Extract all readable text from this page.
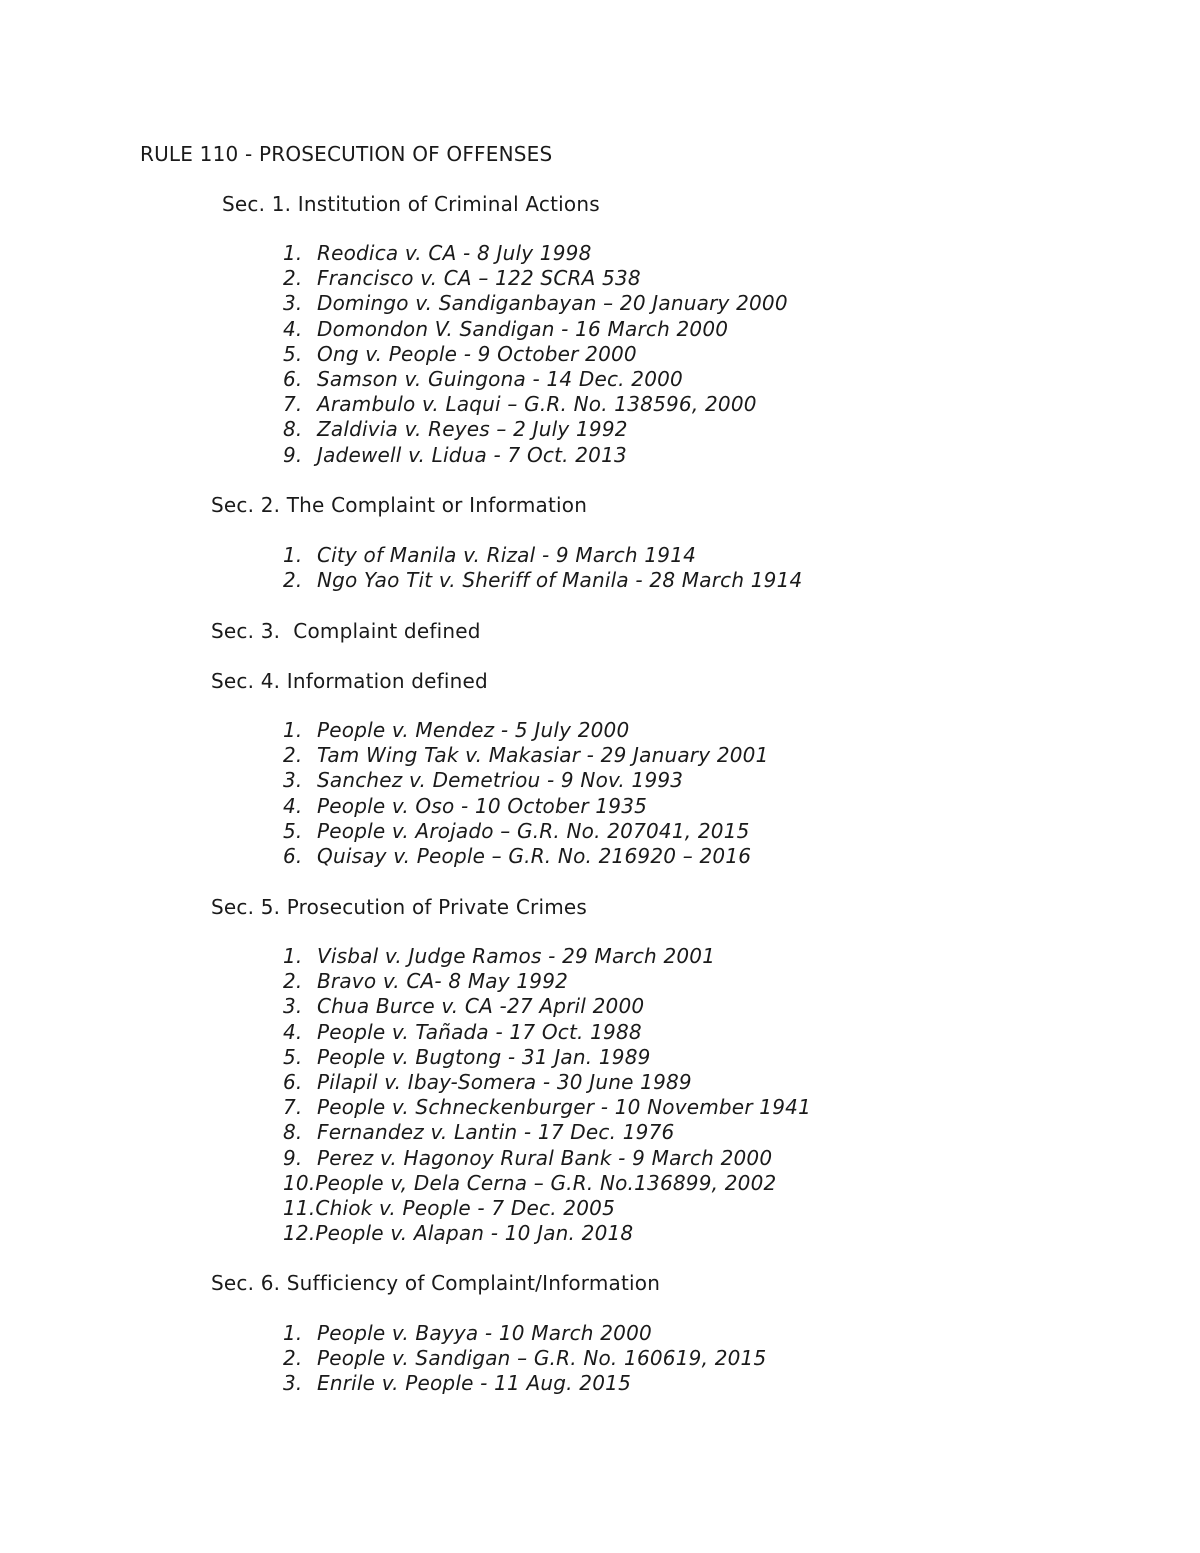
RULE 110 - PROSECUTION OF OFFENSES
Sec. 1. Institution of Criminal Actions
1. Reodica v. CA - 8 July 1998
2. Francisco v. CA – 122 SCRA 538
3. Domingo v. Sandiganbayan – 20 January 2000
4. Domondon V. Sandigan - 16 March 2000
5. Ong v. People - 9 October 2000
6. Samson v. Guingona - 14 Dec. 2000
7. Arambulo v. Laqui – G.R. No. 138596, 2000
8. Zaldivia v. Reyes – 2 July 1992
9. Jadewell v. Lidua - 7 Oct. 2013
Sec. 2. The Complaint or Information
1. City of Manila v. Rizal - 9 March 1914
2. Ngo Yao Tit v. Sheriff of Manila - 28 March 1914
Sec. 3.  Complaint defined
Sec. 4. Information defined
1. People v. Mendez - 5 July 2000
2. Tam Wing Tak v. Makasiar - 29 January 2001
3. Sanchez v. Demetriou - 9 Nov. 1993
4. People v. Oso - 10 October 1935
5. People v. Arojado – G.R. No. 207041, 2015
6. Quisay v. People – G.R. No. 216920 – 2016
Sec. 5. Prosecution of Private Crimes
1. Visbal v. Judge Ramos - 29 March 2001
2. Bravo v. CA- 8 May 1992
3. Chua Burce v. CA -27 April 2000
4. People v. Tañada - 17 Oct. 1988
5. People v. Bugtong - 31 Jan. 1989
6. Pilapil v. Ibay-Somera - 30 June 1989
7. People v. Schneckenburger - 10 November 1941
8. Fernandez v. Lantin - 17 Dec. 1976
9. Perez v. Hagonoy Rural Bank - 9 March 2000
10.People v, Dela Cerna – G.R. No.136899, 2002
11.Chiok v. People - 7 Dec. 2005
12.People v. Alapan - 10 Jan. 2018
Sec. 6. Sufficiency of Complaint/Information
1. People v. Bayya - 10 March 2000
2. People v. Sandigan – G.R. No. 160619, 2015
3. Enrile v. People - 11 Aug. 2015
